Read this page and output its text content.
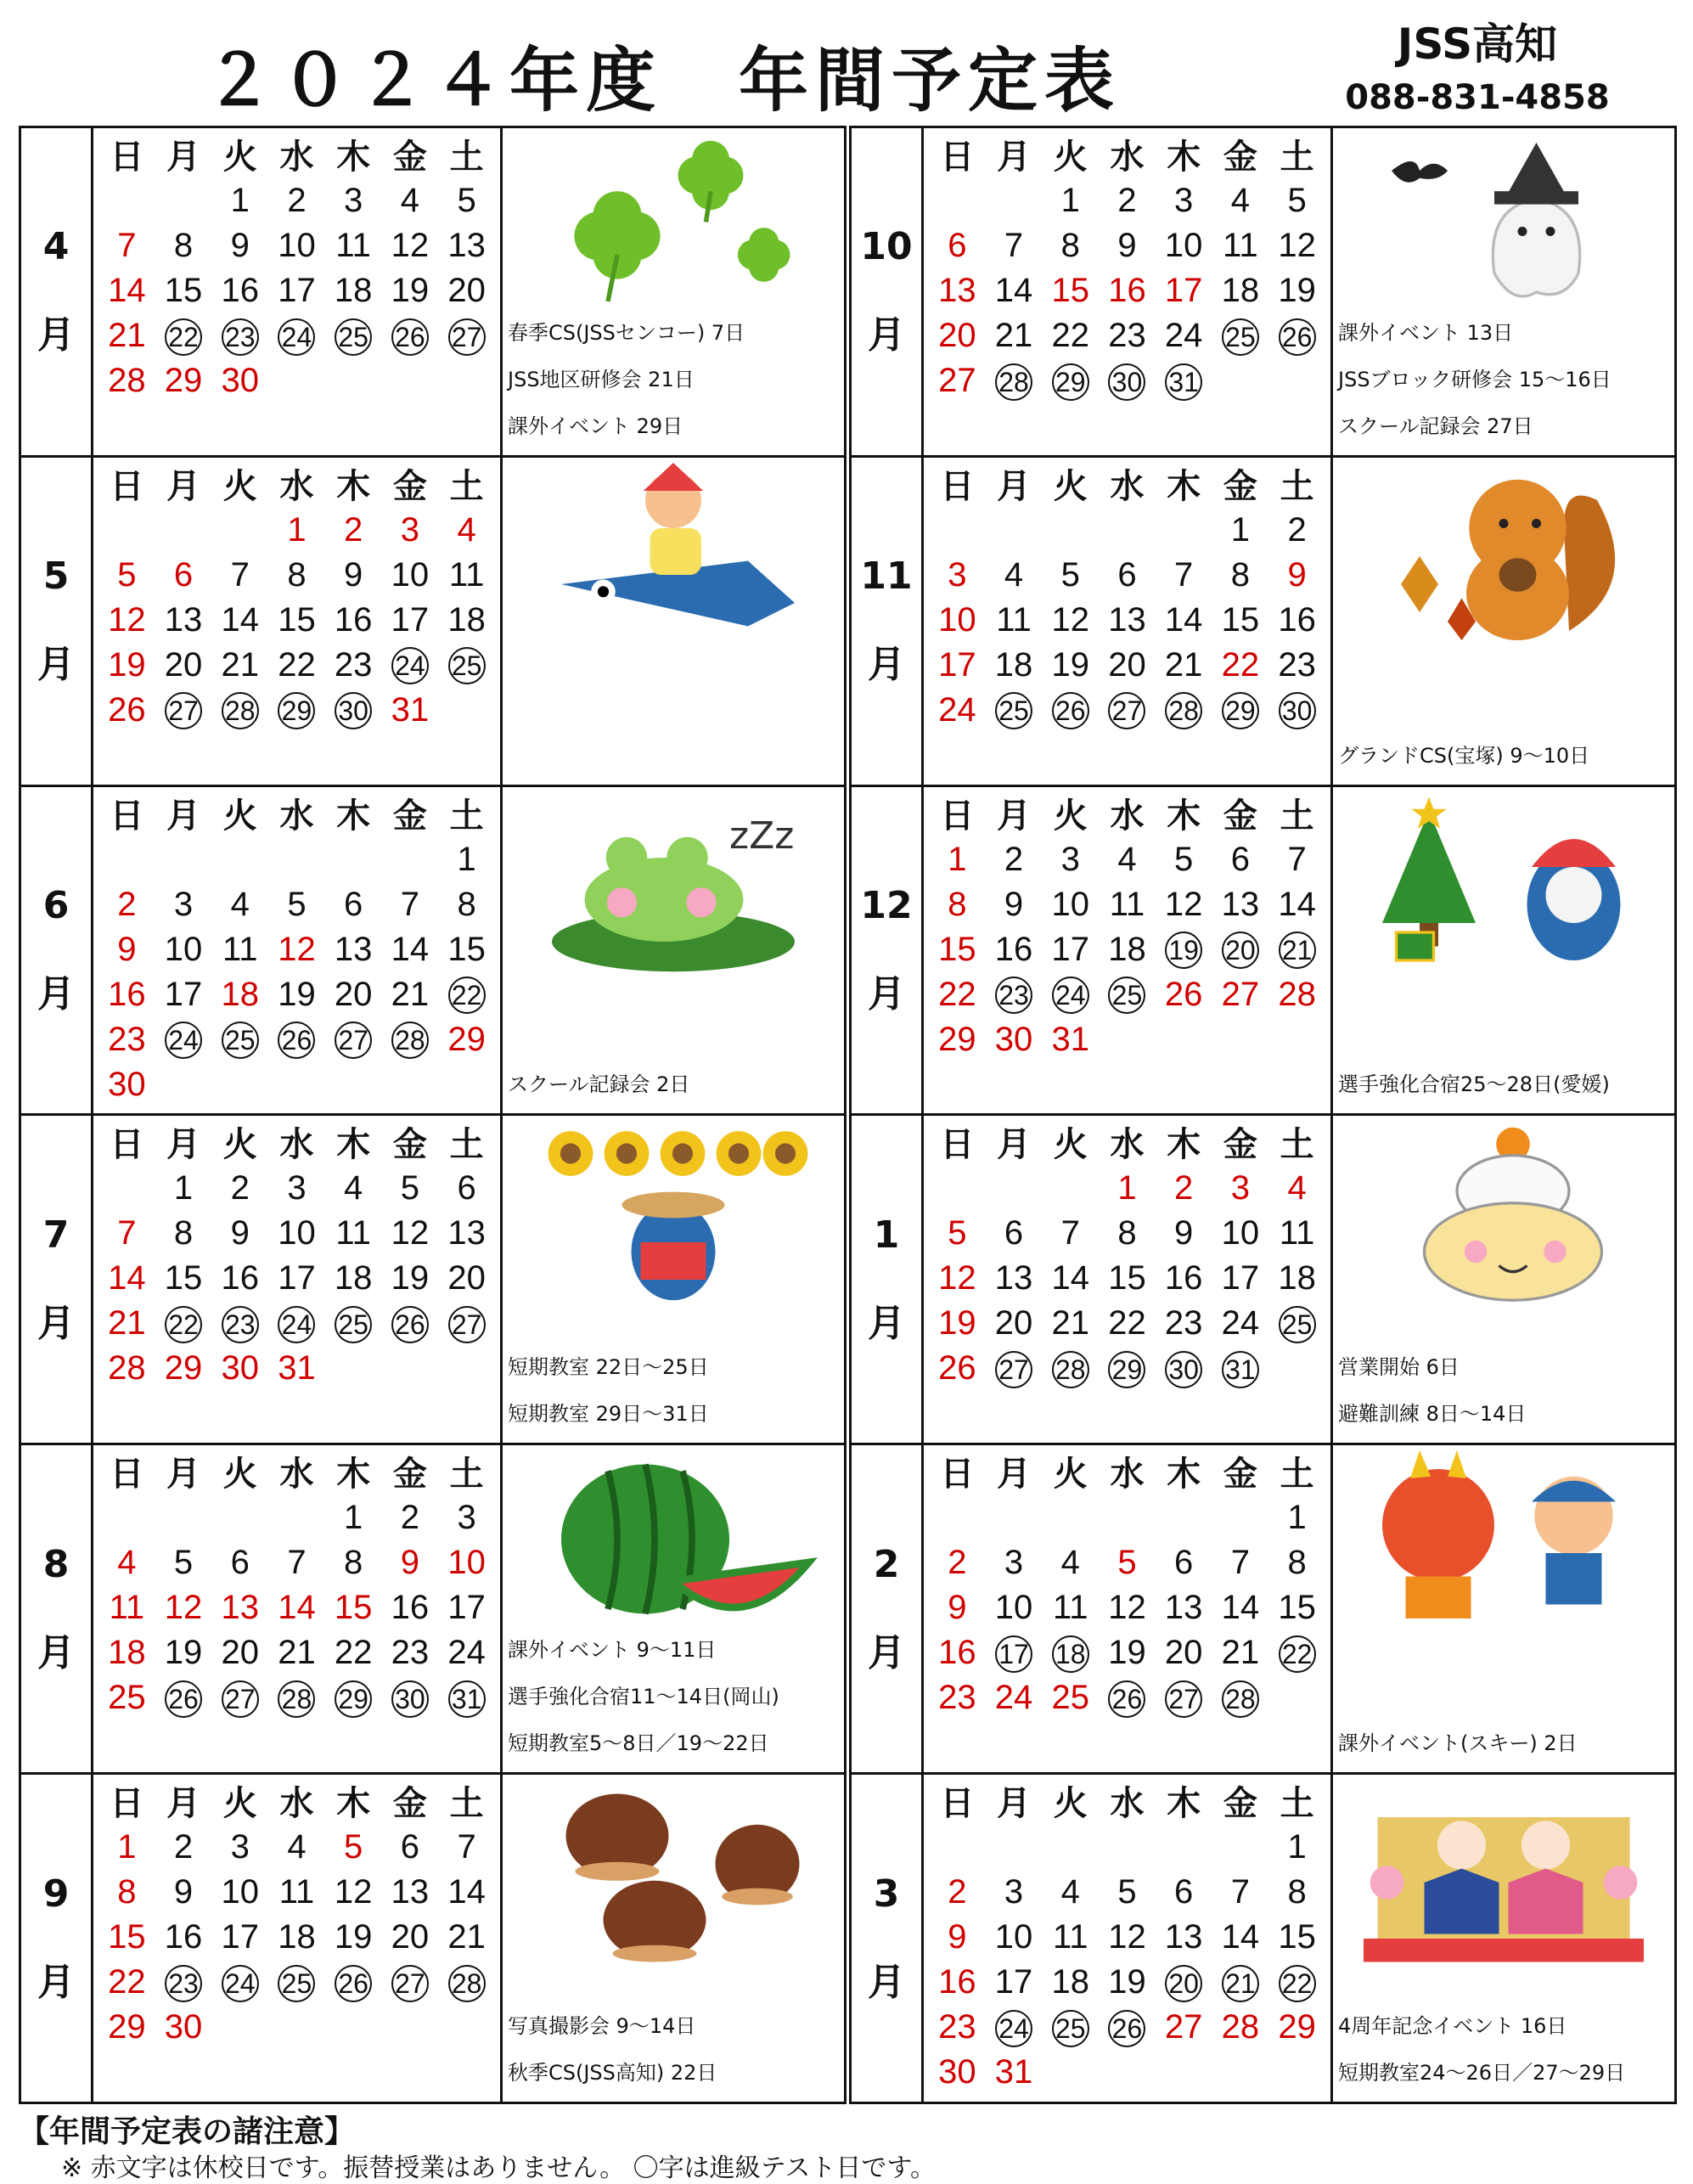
２０２４年度　年間予定表	JSS高知
088-831-4858
4
月
日	月	火	水	木	金	土
		1	2	3	4	5
7	8	9	10	11	12	13
14	15	16	17	18	19	20
21	22	23	24	25	26	27
28	29	30				
春季CS(JSSセンコー) 7日
JSS地区研修会 21日
課外イベント 29日
5
月
日	月	火	水	木	金	土
			1	2	3	4
5	6	7	8	9	10	11
12	13	14	15	16	17	18
19	20	21	22	23	24	25
26	27	28	29	30	31	
6
月
日	月	火	水	木	金	土
						1
2	3	4	5	6	7	8
9	10	11	12	13	14	15
16	17	18	19	20	21	22
23	24	25	26	27	28	29
30						
zZz
スクール記録会 2日
7
月
日	月	火	水	木	金	土
	1	2	3	4	5	6
7	8	9	10	11	12	13
14	15	16	17	18	19	20
21	22	23	24	25	26	27
28	29	30	31				短期教室 22日～25日
短期教室 29日～31日
8
月
日	月	火	水	木	金	土
				1	2	3
4	5	6	7	8	9	10
11	12	13	14	15	16	17
18	19	20	21	22	23	24
25	26	27	28	29	30	31
課外イベント 9～11日
選手強化合宿11～14日(岡山)
短期教室5～8日／19～22日
9
月
日	月	火	水	木	金	土
1	2	3	4	5	6	7
8	9	10	11	12	13	14
15	16	17	18	19	20	21
22	23	24	25	26	27	28
29	30						写真撮影会 9～14日
秋季CS(JSS高知) 22日
10
月
日	月	火	水	木	金	土
		1	2	3	4	5
6	7	8	9	10	11	12
13	14	15	16	17	18	19
20	21	22	23	24	25	26
27	28	29	30	31		
課外イベント 13日
JSSブロック研修会 15～16日
スクール記録会 27日
11
月
日	月	火	水	木	金	土
					1	2
3	4	5	6	7	8	9
10	11	12	13	14	15	16
17	18	19	20	21	22	23
24	25	26	27	28	29	30
グランドCS(宝塚) 9～10日
12
月
日	月	火	水	木	金	土
1	2	3	4	5	6	7
8	9	10	11	12	13	14
15	16	17	18	19	20	21
22	23	24	25	26	27	28
29	30	31				
選手強化合宿25～28日(愛媛)
1
月
日	月	火	水	木	金	土
			1	2	3	4
5	6	7	8	9	10	11
12	13	14	15	16	17	18
19	20	21	22	23	24	25
26	27	28	29	30	31		営業開始 6日
避難訓練 8日～14日
2
月
日	月	火	水	木	金	土
						1
2	3	4	5	6	7	8
9	10	11	12	13	14	15
16	17	18	19	20	21	22
23	24	25	26	27	28	
課外イベント(スキー) 2日
3
月
日	月	火	水	木	金	土
						1
2	3	4	5	6	7	8
9	10	11	12	13	14	15
16	17	18	19	20	21	22
23	24	25	26	27	28	29
30	31					
4周年記念イベント 16日
短期教室24～26日／27～29日
【年間予定表の諸注意】
※ 赤文字は休校日です。振替授業はありません。 〇字は進級テスト日です。
